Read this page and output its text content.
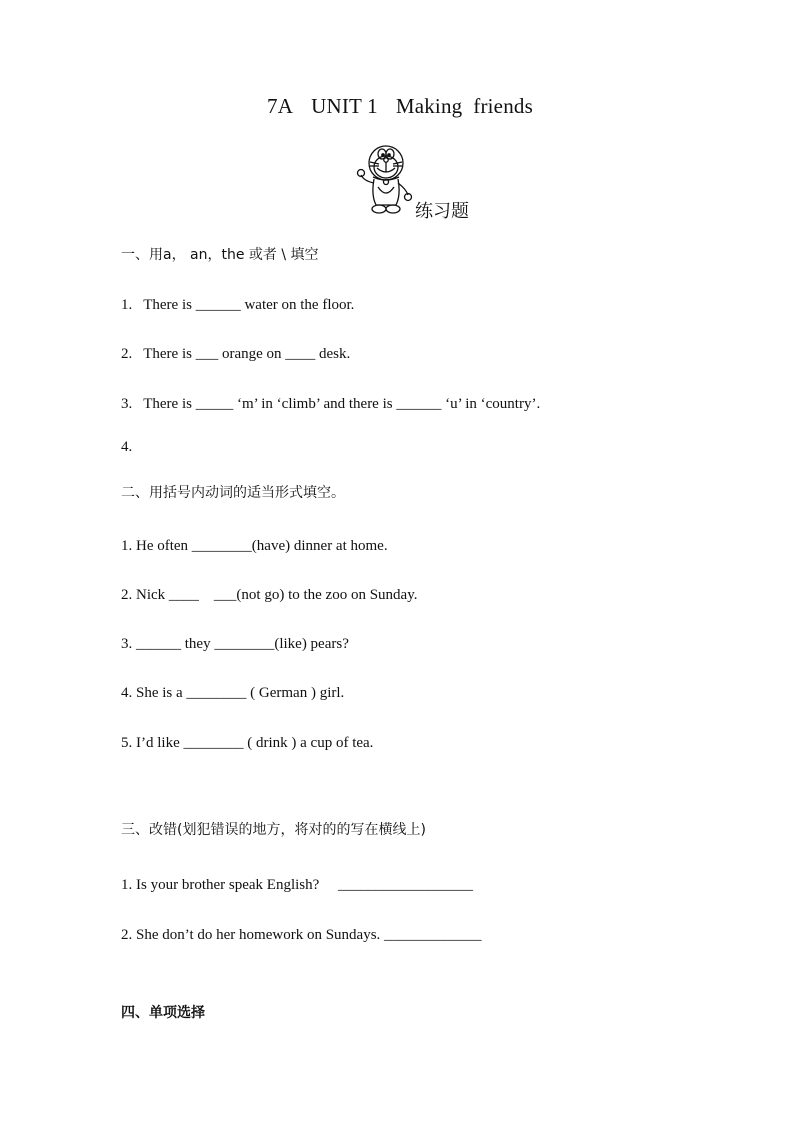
7A UNIT 1 Making  friends
练习题
一、用a， an，the 或者 \ 填空
1.   There is ______ water on the floor.
2.   There is ___ orange on ____ desk.
3.   There is _____ ‘m’ in ‘climb’ and there is ______ ‘u’ in ‘country’.
4.
二、用括号内动词的适当形式填空。
1. He often ________(have) dinner at home.
2. Nick ____    ___(not go) to the zoo on Sunday.
3. ______ they ________(like) pears?
4. She is a ________ ( German ) girl.
5. I’d like ________ ( drink ) a cup of tea.
三、改错(划犯错误的地方，将对的的写在横线上)
1. Is your brother speak English?     __________________
2. She don’t do her homework on Sundays. _____________
四、单项选择
